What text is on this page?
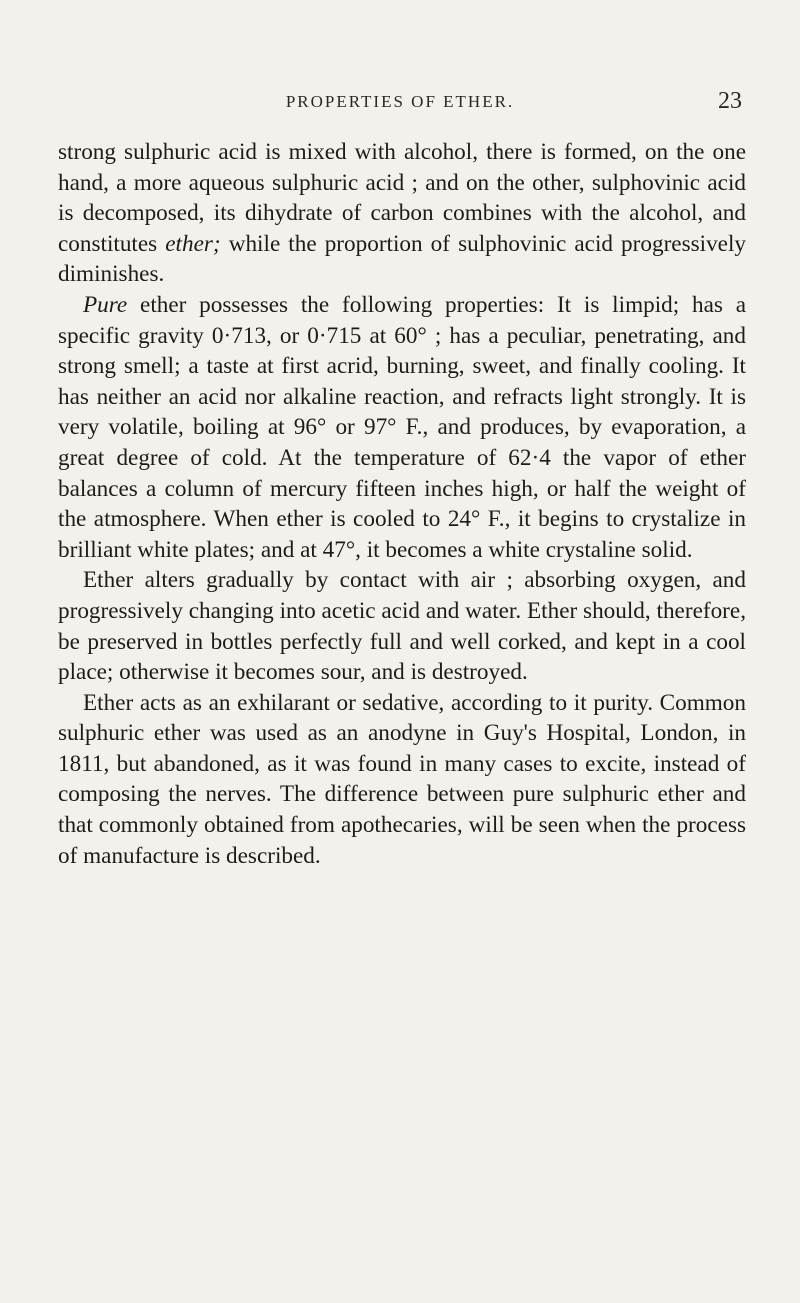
PROPERTIES OF ETHER.	23

strong sulphuric acid is mixed with alcohol, there is formed, on the one hand, a more aqueous sulphuric acid ; and on the other, sulphovinic acid is decomposed, its dihydrate of carbon combines with the alcohol, and constitutes ether; while the proportion of sulphovinic acid progressively diminishes.

Pure ether possesses the following properties: It is limpid; has a specific gravity 0·713, or 0·715 at 60° ; has a peculiar, penetrating, and strong smell; a taste at first acrid, burning, sweet, and finally cooling. It has neither an acid nor alkaline reaction, and refracts light strongly. It is very volatile, boiling at 96° or 97° F., and produces, by evaporation, a great degree of cold. At the temperature of 62·4 the vapor of ether balances a column of mercury fifteen inches high, or half the weight of the atmosphere. When ether is cooled to 24° F., it begins to crystalize in brilliant white plates; and at 47°, it becomes a white crystaline solid.

Ether alters gradually by contact with air ; absorbing oxygen, and progressively changing into acetic acid and water. Ether should, therefore, be preserved in bottles perfectly full and well corked, and kept in a cool place; otherwise it becomes sour, and is destroyed.

Ether acts as an exhilarant or sedative, according to it purity. Common sulphuric ether was used as an anodyne in Guy's Hospital, London, in 1811, but abandoned, as it was found in many cases to excite, instead of composing the nerves. The difference between pure sulphuric ether and that commonly obtained from apothecaries, will be seen when the process of manufacture is described.
